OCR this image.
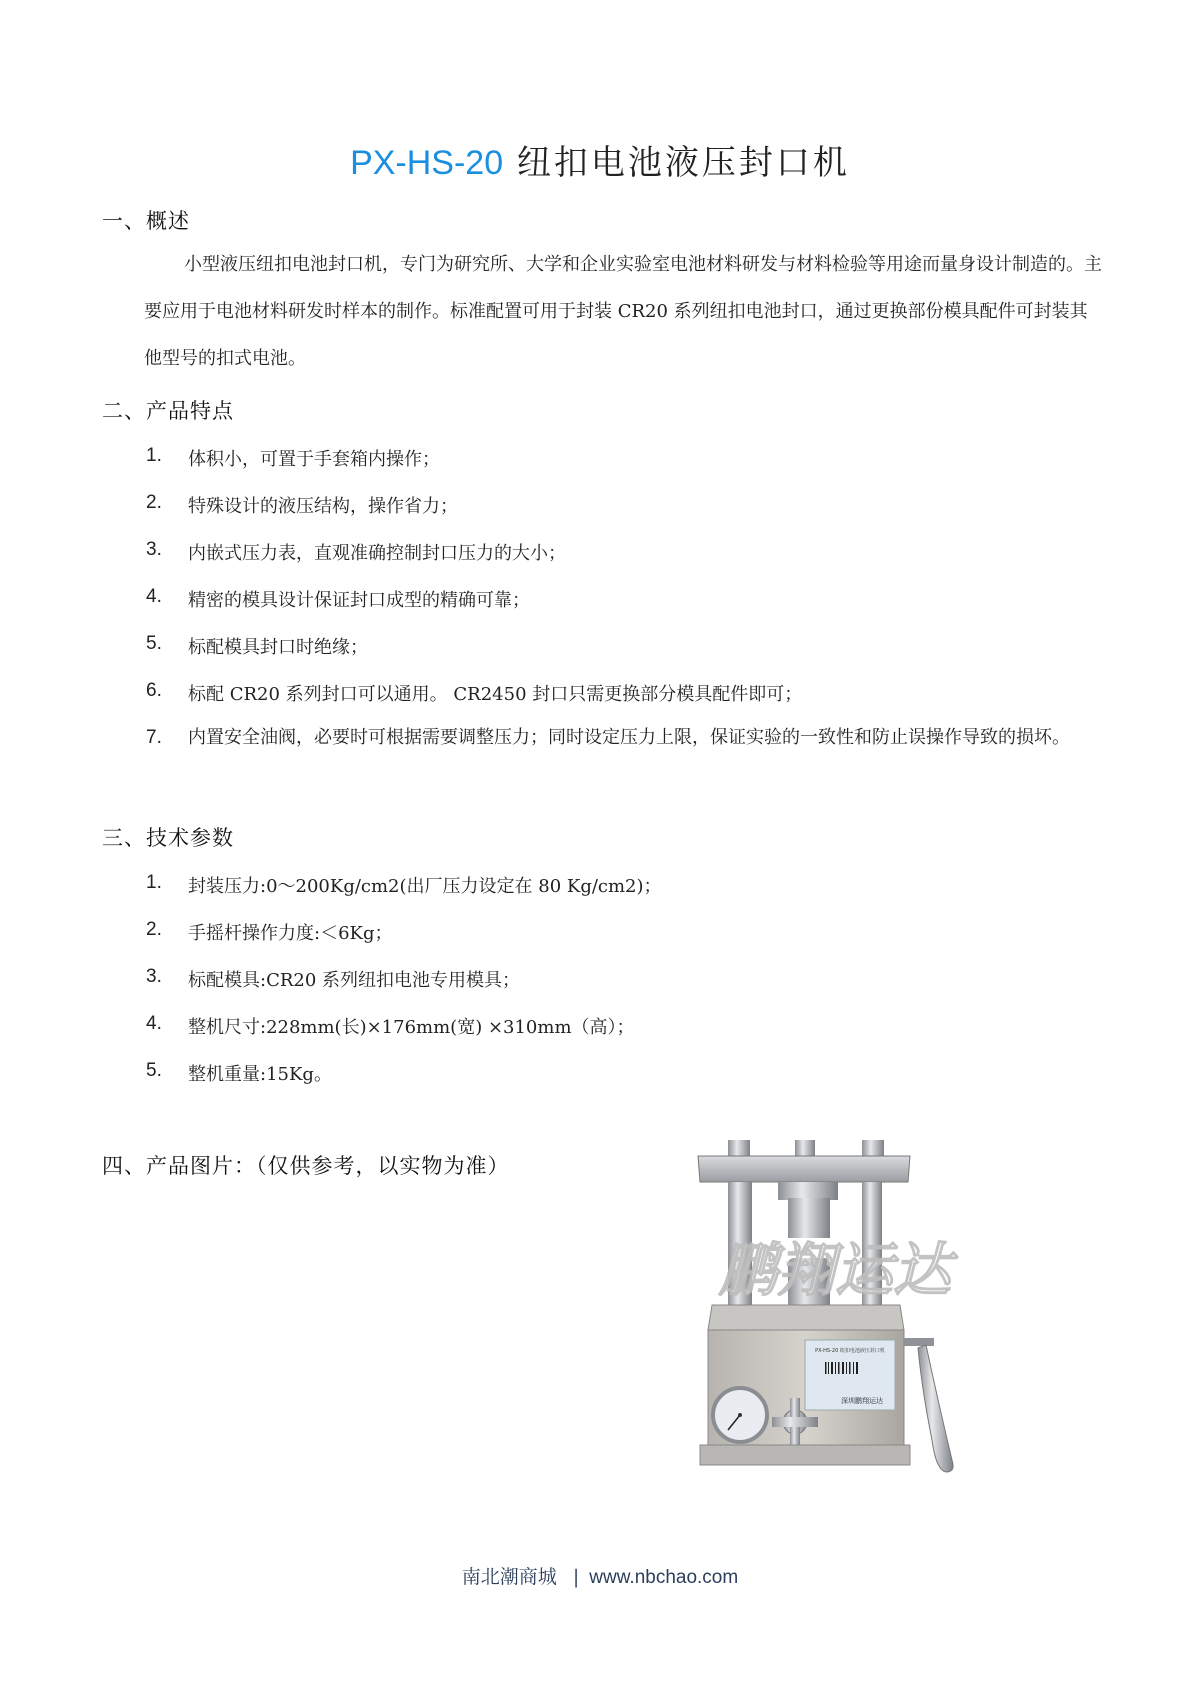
PX-HS-20 纽扣电池液压封口机
一、概述
小型液压纽扣电池封口机，专门为研究所、大学和企业实验室电池材料研发与材料检验等用途而量身设计制造的。主要应用于电池材料研发时样本的制作。标准配置可用于封装 CR20 系列纽扣电池封口，通过更换部份模具配件可封装其他型号的扣式电池。
二、产品特点
1. 体积小，可置于手套箱内操作；
2. 特殊设计的液压结构，操作省力；
3. 内嵌式压力表，直观准确控制封口压力的大小；
4. 精密的模具设计保证封口成型的精确可靠；
5. 标配模具封口时绝缘；
6. 标配 CR20 系列封口可以通用。 CR2450 封口只需更换部分模具配件即可；
7. 内置安全油阀，必要时可根据需要调整压力；同时设定压力上限，保证实验的一致性和防止误操作导致的损坏。
三、技术参数
1. 封装压力:0～200Kg/cm2(出厂压力设定在 80 Kg/cm2)；
2. 手摇杆操作力度:＜6Kg；
3. 标配模具:CR20 系列纽扣电池专用模具；
4. 整机尺寸:228mm(长)×176mm(宽) ×310mm（高）；
5. 整机重量:15Kg。
四、产品图片：（仅供参考，以实物为准）
PX-HS-20 纽扣电池液压封口机
深圳鹏翔运达
鹏翔运达
南北潮商城 | www.nbchao.com
